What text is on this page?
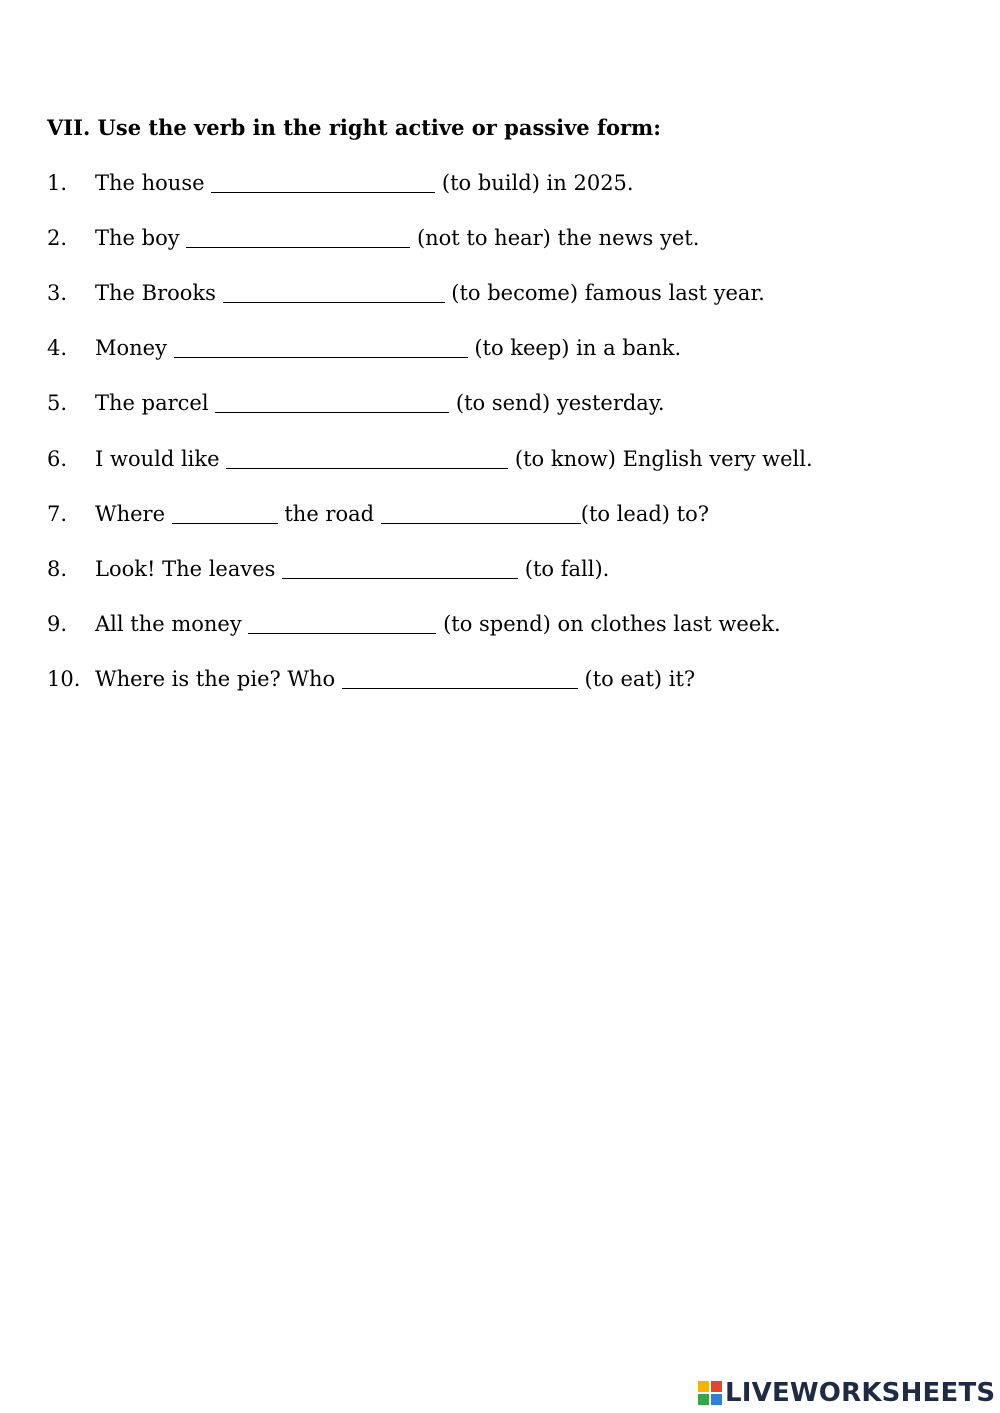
VII. Use the verb in the right active or passive form:
1. The house	(to build) in 2025.
2. The boy	(not to hear) the news yet.
3. The Brooks	(to become) famous last year.
4. Money	(to keep) in a bank.
5. The parcel	(to send) yesterday.
6. I would like	(to know) English very well.
7. Where	the road	(to lead) to?
8. Look! The leaves	(to fall).
9. All the money	(to spend) on clothes last week.
10. Where is the pie? Who	(to eat) it?
LIVEWORKSHEETS
